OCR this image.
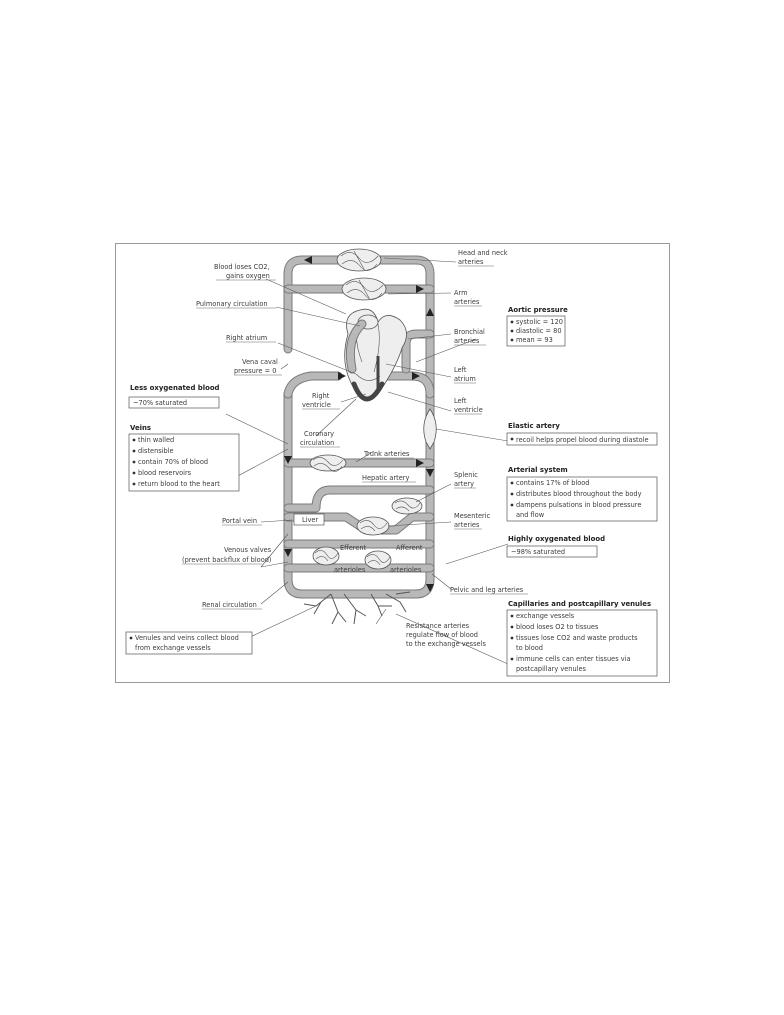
Head and neck
arteries
Blood loses CO2,
gains oxygen
Pulmonary circulation
Arm
arteries
Bronchial
arteries
Right atrium
Vena caval
pressure = 0	Left
atrium
Right
ventricle	Left
ventricle
Coronary
circulation
Trunk arteries
Hepatic artery	Splenic
artery
Portal vein	Liver	Mesenteric
arteries
Venous valves
(prevent backflux of blood)
Efferent	Afferent
arterioles	arterioles
Renal circulation
Pelvic and leg arteries
Resistance arteries
regulate flow of blood
to the exchange vessels
Aortic pressure
systolic = 120
diastolic = 80
mean = 93
Less oxygenated blood
~70% saturated
Veins
thin walled
distensible
contain 70% of blood
blood reservoirs
return blood to the heart
Elastic artery
recoil helps propel blood during diastole
Arterial system
contains 17% of blood
distributes blood throughout the body
dampens pulsations in blood pressure
and flow
Highly oxygenated blood
~98% saturated
Capillaries and postcapillary venules
exchange vessels
blood loses O2 to tissues
tissues lose CO2 and waste products
to blood
immune cells can enter tissues via
postcapillary venules
Venules and veins collect blood
from exchange vessels
